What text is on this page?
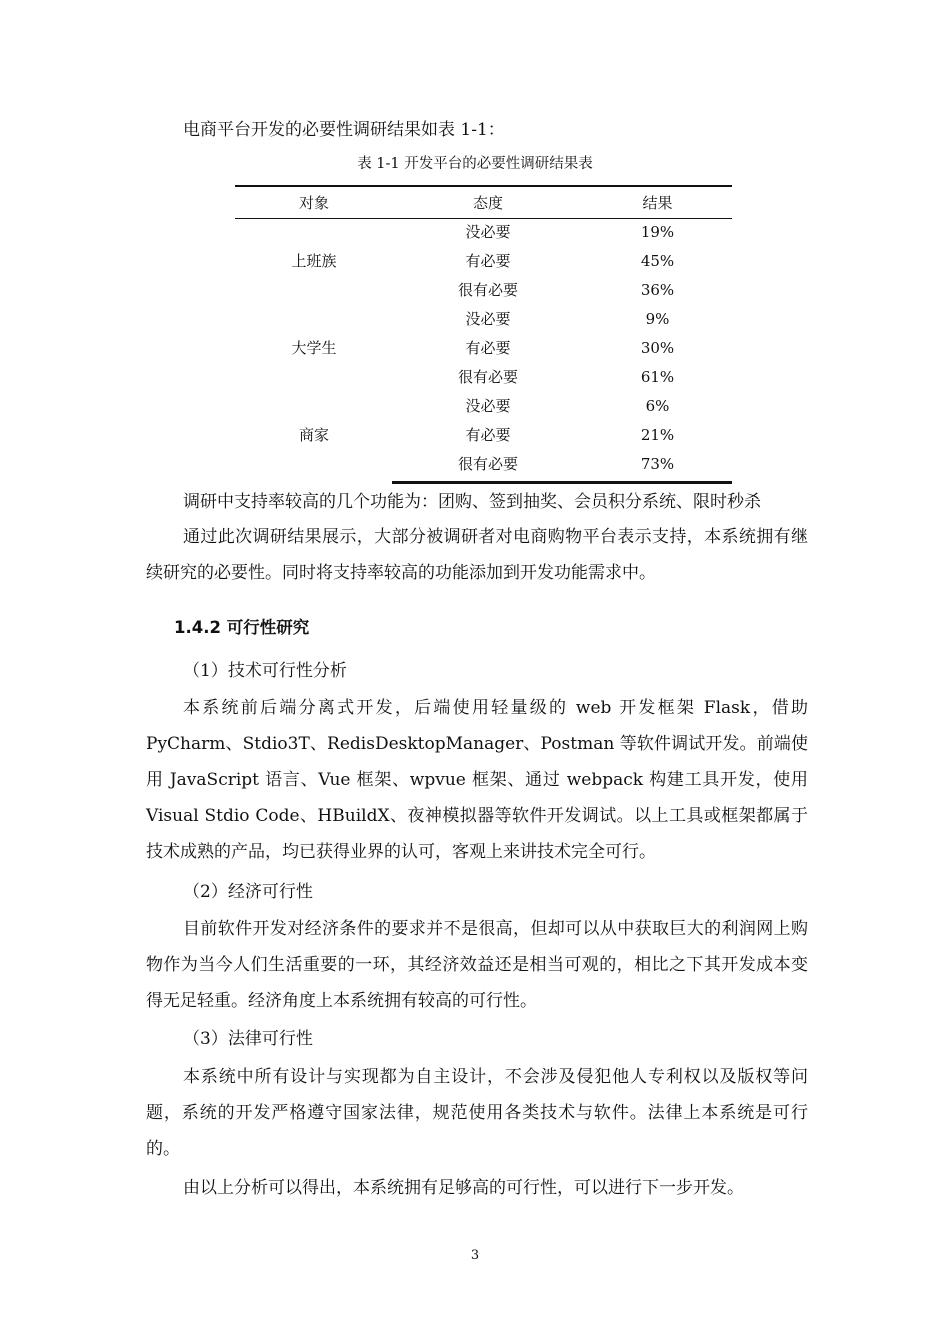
电商平台开发的必要性调研结果如表 1-1：

表 1-1 开发平台的必要性调研结果表
对象	态度	结果
上班族	没必要	19%
	有必要	45%
	很有必要	36%
大学生	没必要	9%
	有必要	30%
	很有必要	61%
商家	没必要	6%
	有必要	21%
	很有必要	73%

调研中支持率较高的几个功能为：团购、签到抽奖、会员积分系统、限时秒杀

通过此次调研结果展示，大部分被调研者对电商购物平台表示支持，本系统拥有继续研究的必要性。同时将支持率较高的功能添加到开发功能需求中。

1.4.2 可行性研究
（1）技术可行性分析

本系统前后端分离式开发，后端使用轻量级的 web 开发框架 Flask，借助 PyCharm、Stdio3T、RedisDesktopManager、Postman 等软件调试开发。前端使用 JavaScript 语言、Vue 框架、wpvue 框架、通过 webpack 构建工具开发，使用 Visual Stdio Code、HBuildX、夜神模拟器等软件开发调试。以上工具或框架都属于技术成熟的产品，均已获得业界的认可，客观上来讲技术完全可行。

（2）经济可行性

目前软件开发对经济条件的要求并不是很高，但却可以从中获取巨大的利润网上购物作为当今人们生活重要的一环，其经济效益还是相当可观的，相比之下其开发成本变得无足轻重。经济角度上本系统拥有较高的可行性。

（3）法律可行性

本系统中所有设计与实现都为自主设计，不会涉及侵犯他人专利权以及版权等问题，系统的开发严格遵守国家法律，规范使用各类技术与软件。法律上本系统是可行的。

由以上分析可以得出，本系统拥有足够高的可行性，可以进行下一步开发。

3
